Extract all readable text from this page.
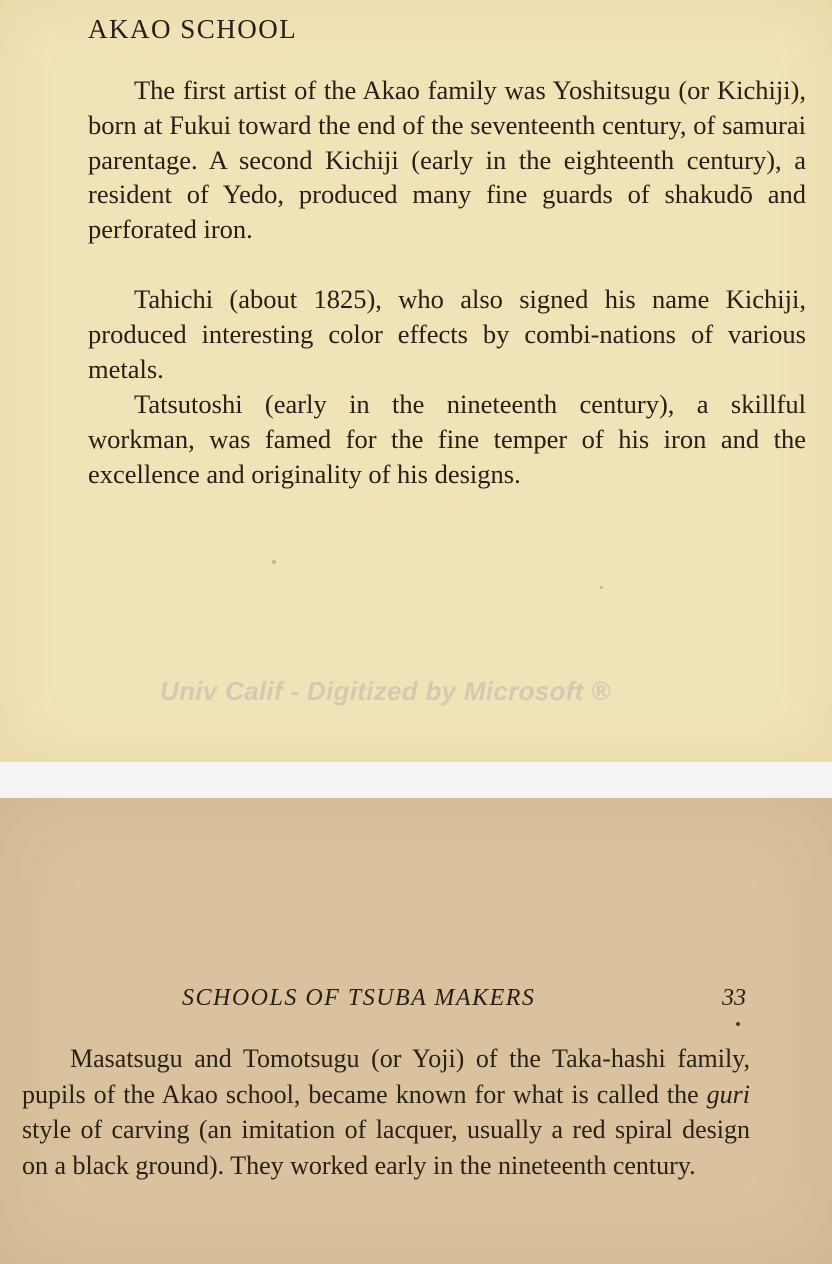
AKAO SCHOOL

The first artist of the Akao family was Yoshitsugu (or Kichiji), born at Fukui toward the end of the seventeenth century, of samurai parentage. A second Kichiji (early in the eighteenth century), a resident of Yedo, produced many fine guards of shakudō and perforated iron.

Tahichi (about 1825), who also signed his name Kichiji, produced interesting color effects by combi-nations of various metals.

Tatsutoshi (early in the nineteenth century), a skillful workman, was famed for the fine temper of his iron and the excellence and originality of his designs.

Univ Calif - Digitized by Microsoft ®
SCHOOLS OF TSUBA MAKERS	33

Masatsugu and Tomotsugu (or Yoji) of the Taka-hashi family, pupils of the Akao school, became known for what is called the guri style of carving (an imitation of lacquer, usually a red spiral design on a black ground). They worked early in the nineteenth century.
